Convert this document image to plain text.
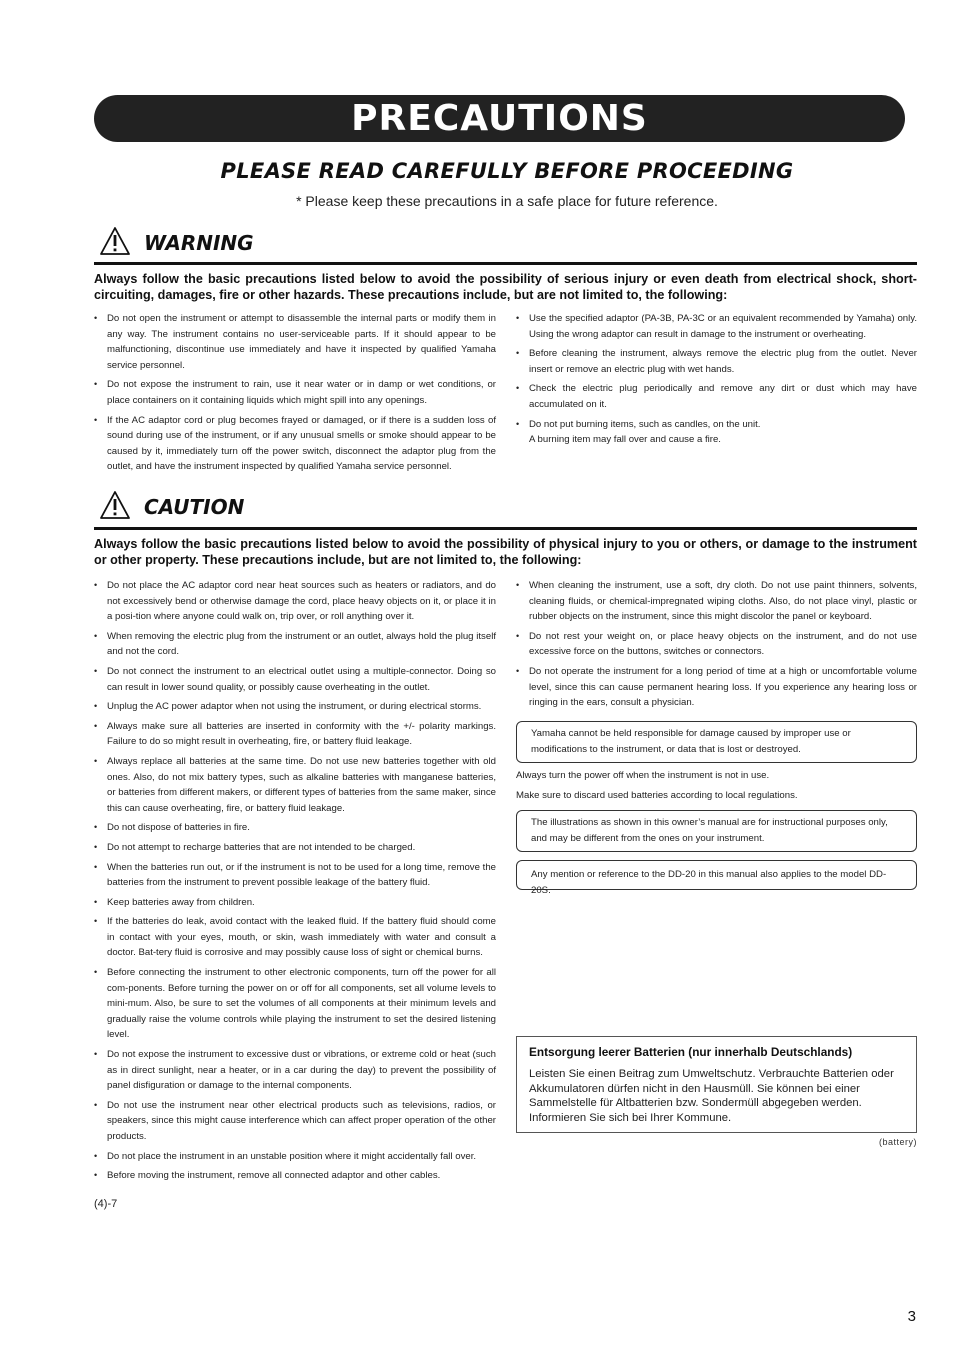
PRECAUTIONS
PLEASE READ CAREFULLY BEFORE PROCEEDING
* Please keep these precautions in a safe place for future reference.
WARNING
Always follow the basic precautions listed below to avoid the possibility of serious injury or even death from electrical shock, short-circuiting, damages, fire or other hazards. These precautions include, but are not limited to, the following:
• Do not open the instrument or attempt to disassemble the internal parts or modify them in any way. The instrument contains no user-serviceable parts. If it should appear to be malfunctioning, discontinue use immediately and have it inspected by qualified Yamaha service personnel.
• Do not expose the instrument to rain, use it near water or in damp or wet conditions, or place containers on it containing liquids which might spill into any openings.
• If the AC adaptor cord or plug becomes frayed or damaged, or if there is a sudden loss of sound during use of the instrument, or if any unusual smells or smoke should appear to be caused by it, immediately turn off the power switch, disconnect the adaptor plug from the outlet, and have the instrument inspected by qualified Yamaha service personnel.
• Use the specified adaptor (PA-3B, PA-3C or an equivalent recommended by Yamaha) only. Using the wrong adaptor can result in damage to the instrument or overheating.
• Before cleaning the instrument, always remove the electric plug from the outlet. Never insert or remove an electric plug with wet hands.
• Check the electric plug periodically and remove any dirt or dust which may have accumulated on it.
• Do not put burning items, such as candles, on the unit.
A burning item may fall over and cause a fire.
CAUTION
Always follow the basic precautions listed below to avoid the possibility of physical injury to you or others, or damage to the instrument or other property. These precautions include, but are not limited to, the following:
• Do not place the AC adaptor cord near heat sources such as heaters or radiators, and do not excessively bend or otherwise damage the cord, place heavy objects on it, or place it in a posi-tion where anyone could walk on, trip over, or roll anything over it.
• When removing the electric plug from the instrument or an outlet, always hold the plug itself and not the cord.
• Do not connect the instrument to an electrical outlet using a multiple-connector. Doing so can result in lower sound quality, or possibly cause overheating in the outlet.
• Unplug the AC power adaptor when not using the instrument, or during electrical storms.
• Always make sure all batteries are inserted in conformity with the +/- polarity markings. Failure to do so might result in overheating, fire, or battery fluid leakage.
• Always replace all batteries at the same time. Do not use new batteries together with old ones. Also, do not mix battery types, such as alkaline batteries with manganese batteries, or batteries from different makers, or different types of batteries from the same maker, since this can cause overheating, fire, or battery fluid leakage.
• Do not dispose of batteries in fire.
• Do not attempt to recharge batteries that are not intended to be charged.
• When the batteries run out, or if the instrument is not to be used for a long time, remove the batteries from the instrument to prevent possible leakage of the battery fluid.
• Keep batteries away from children.
• If the batteries do leak, avoid contact with the leaked fluid. If the battery fluid should come in contact with your eyes, mouth, or skin, wash immediately with water and consult a doctor. Bat-tery fluid is corrosive and may possibly cause loss of sight or chemical burns.
• Before connecting the instrument to other electronic components, turn off the power for all com-ponents. Before turning the power on or off for all components, set all volume levels to mini-mum. Also, be sure to set the volumes of all components at their minimum levels and gradually raise the volume controls while playing the instrument to set the desired listening level.
• Do not expose the instrument to excessive dust or vibrations, or extreme cold or heat (such as in direct sunlight, near a heater, or in a car during the day) to prevent the possibility of panel disfiguration or damage to the internal components.
• Do not use the instrument near other electrical products such as televisions, radios, or speakers, since this might cause interference which can affect proper operation of the other products.
• Do not place the instrument in an unstable position where it might accidentally fall over.
• Before moving the instrument, remove all connected adaptor and other cables.
• When cleaning the instrument, use a soft, dry cloth. Do not use paint thinners, solvents, cleaning fluids, or chemical-impregnated wiping cloths. Also, do not place vinyl, plastic or rubber objects on the instrument, since this might discolor the panel or keyboard.
• Do not rest your weight on, or place heavy objects on the instrument, and do not use excessive force on the buttons, switches or connectors.
• Do not operate the instrument for a long period of time at a high or uncomfortable volume level, since this can cause permanent hearing loss. If you experience any hearing loss or ringing in the ears, consult a physician.
Yamaha cannot be held responsible for damage caused by improper use or modifications to the instrument, or data that is lost or destroyed.
Always turn the power off when the instrument is not in use.
Make sure to discard used batteries according to local regulations.
The illustrations as shown in this owner’s manual are for instructional purposes only, and may be different from the ones on your instrument.
Any mention or reference to the DD-20 in this manual also applies to the model DD-20S.
Entsorgung leerer Batterien (nur innerhalb Deutschlands)
Leisten Sie einen Beitrag zum Umweltschutz. Verbrauchte Batterien oder Akkumulatoren dürfen nicht in den Hausmüll. Sie können bei einer Sammelstelle für Altbatterien bzw. Sondermüll abgegeben werden. Informieren Sie sich bei Ihrer Kommune.
(battery)
(4)-7
3
